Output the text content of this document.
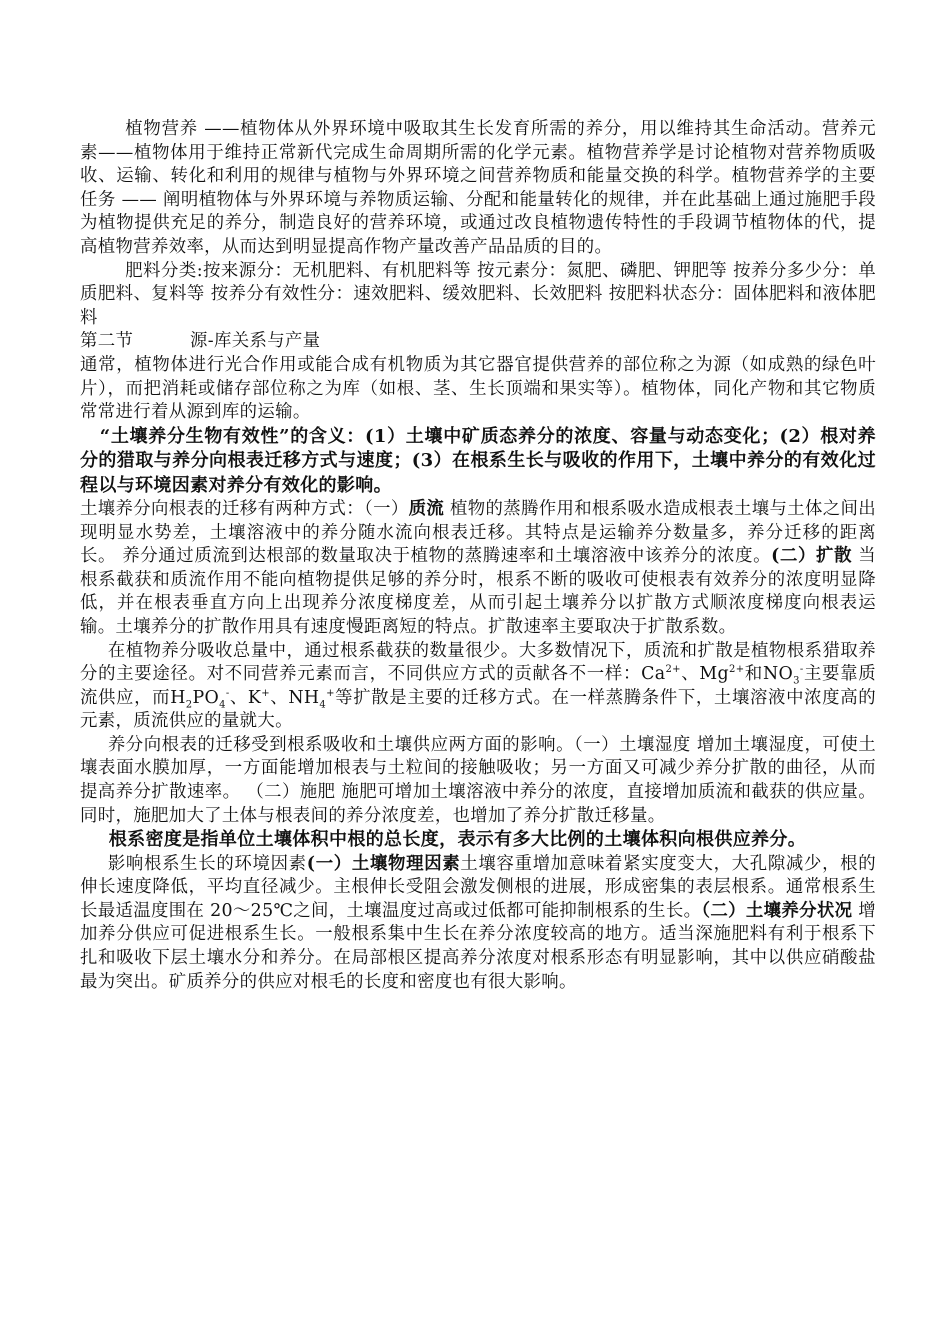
植物营养 ——植物体从外界环境中吸取其生长发育所需的养分，用以维持其生命活动。营养元素——植物体用于维持正常新代完成生命周期所需的化学元素。植物营养学是讨论植物对营养物质吸收、运输、转化和利用的规律与植物与外界环境之间营养物质和能量交换的科学。植物营养学的主要任务 —— 阐明植物体与外界环境与养物质运输、分配和能量转化的规律，并在此基础上通过施肥手段为植物提供充足的养分，制造良好的营养环境，或通过改良植物遗传特性的手段调节植物体的代，提高植物营养效率，从而达到明显提高作物产量改善产品品质的目的。

肥料分类:按来源分：无机肥料、有机肥料等 按元素分：氮肥、磷肥、钾肥等 按养分多少分：单质肥料、复料等 按养分有效性分：速效肥料、缓效肥料、长效肥料 按肥料状态分：固体肥料和液体肥料

第二节	源-库关系与产量

通常，植物体进行光合作用或能合成有机物质为其它器官提供营养的部位称之为源（如成熟的绿色叶片），而把消耗或储存部位称之为库（如根、茎、生长顶端和果实等）。植物体，同化产物和其它物质常常进行着从源到库的运输。

“土壤养分生物有效性”的含义：(1）土壤中矿质态养分的浓度、容量与动态变化；(2）根对养分的猎取与养分向根表迁移方式与速度；(3）在根系生长与吸收的作用下，土壤中养分的有效化过程以与环境因素对养分有效化的影响。

土壤养分向根表的迁移有两种方式：（一）质流 植物的蒸腾作用和根系吸水造成根表土壤与土体之间出现明显水势差，土壤溶液中的养分随水流向根表迁移。其特点是运输养分数量多，养分迁移的距离长。 养分通过质流到达根部的数量取决于植物的蒸腾速率和土壤溶液中该养分的浓度。(二）扩散 当根系截获和质流作用不能向植物提供足够的养分时，根系不断的吸收可使根表有效养分的浓度明显降低，并在根表垂直方向上出现养分浓度梯度差，从而引起土壤养分以扩散方式顺浓度梯度向根表运输。土壤养分的扩散作用具有速度慢距离短的特点。扩散速率主要取决于扩散系数。

在植物养分吸收总量中，通过根系截获的数量很少。大多数情况下，质流和扩散是植物根系猎取养分的主要途径。对不同营养元素而言，不同供应方式的贡献各不一样：$Ca^{2+}$、$Mg^{2+}$和$NO_3^-$主要靠质流供应，而$H_2PO_4^-$、K+、$NH_4^+$等扩散是主要的迁移方式。在一样蒸腾条件下，土壤溶液中浓度高的元素，质流供应的量就大。

养分向根表的迁移受到根系吸收和土壤供应两方面的影响。（一）土壤湿度 增加土壤湿度，可使土壤表面水膜加厚，一方面能增加根表与土粒间的接触吸收；另一方面又可减少养分扩散的曲径，从而提高养分扩散速率。 （二）施肥 施肥可增加土壤溶液中养分的浓度，直接增加质流和截获的供应量。同时，施肥加大了土体与根表间的养分浓度差，也增加了养分扩散迁移量。

根系密度是指单位土壤体积中根的总长度，表示有多大比例的土壤体积向根供应养分。

影响根系生长的环境因素(一）土壤物理因素土壤容重增加意味着紧实度变大，大孔隙减少，根的伸长速度降低，平均直径减少。主根伸长受阻会激发侧根的进展，形成密集的表层根系。通常根系生长最适温度围在 20～25℃之间，土壤温度过高或过低都可能抑制根系的生长。（二）土壤养分状况 增加养分供应可促进根系生长。一般根系集中生长在养分浓度较高的地方。适当深施肥料有利于根系下扎和吸收下层土壤水分和养分。在局部根区提高养分浓度对根系形态有明显影响，其中以供应硝酸盐最为突出。矿质养分的供应对根毛的长度和密度也有很大影响。
